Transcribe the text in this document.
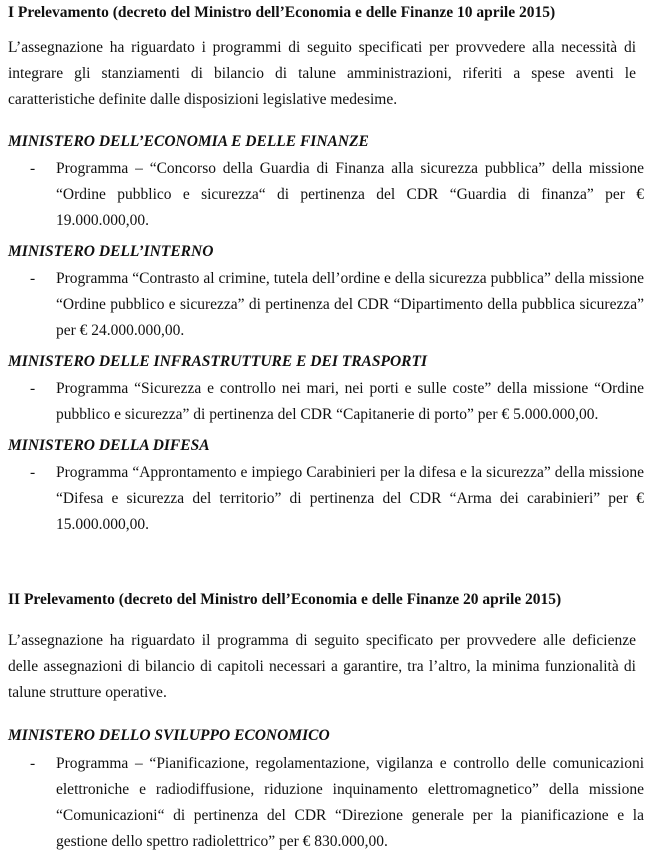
I Prelevamento (decreto del Ministro dell’Economia e delle Finanze 10 aprile 2015)

L’assegnazione ha riguardato i programmi di seguito specificati per provvedere alla necessità di integrare gli stanziamenti di bilancio di talune amministrazioni, riferiti a spese aventi le caratteristiche definite dalle disposizioni legislative medesime.

MINISTERO DELL’ECONOMIA E DELLE FINANZE

- Programma – “Concorso della Guardia di Finanza alla sicurezza pubblica” della missione “Ordine pubblico e sicurezza“ di pertinenza del CDR “Guardia di finanza” per € 19.000.000,00.

MINISTERO DELL’INTERNO

- Programma “Contrasto al crimine, tutela dell’ordine e della sicurezza pubblica” della missione “Ordine pubblico e sicurezza” di pertinenza del CDR “Dipartimento della pubblica sicurezza” per € 24.000.000,00.

MINISTERO DELLE INFRASTRUTTURE E DEI TRASPORTI

- Programma “Sicurezza e controllo nei mari, nei porti e sulle coste” della missione “Ordine pubblico e sicurezza” di pertinenza del CDR “Capitanerie di porto” per € 5.000.000,00.

MINISTERO DELLA DIFESA

- Programma “Approntamento e impiego Carabinieri per la difesa e la sicurezza” della missione “Difesa e sicurezza del territorio” di pertinenza del CDR “Arma dei carabinieri” per € 15.000.000,00.

II Prelevamento (decreto del Ministro dell’Economia e delle Finanze 20 aprile 2015)

L’assegnazione ha riguardato il programma di seguito specificato per provvedere alle deficienze delle assegnazioni di bilancio di capitoli necessari a garantire, tra l’altro, la minima funzionalità di talune strutture operative.

MINISTERO DELLO SVILUPPO ECONOMICO

- Programma – “Pianificazione, regolamentazione, vigilanza e controllo delle comunicazioni elettroniche e radiodiffusione, riduzione inquinamento elettromagnetico” della missione “Comunicazioni“ di pertinenza del CDR “Direzione generale per la pianificazione e la gestione dello spettro radiolettrico” per € 830.000,00.
